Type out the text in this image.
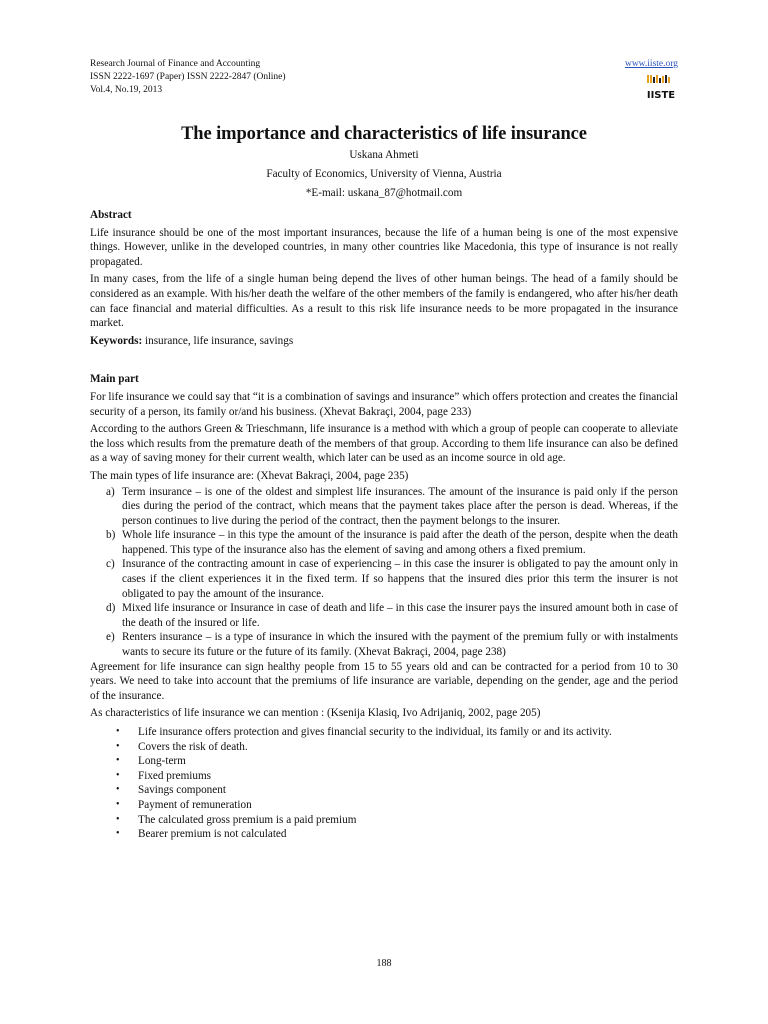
Research Journal of Finance and Accounting
ISSN 2222-1697 (Paper) ISSN 2222-2847 (Online)
Vol.4, No.19, 2013
www.iiste.org
IISTE
The importance and characteristics of life insurance
Uskana Ahmeti
Faculty of Economics, University of Vienna, Austria
*E-mail: uskana_87@hotmail.com
Abstract

Life insurance should be one of the most important insurances, because the life of a human being is one of the most expensive things. However, unlike in the developed countries, in many other countries like Macedonia, this type of insurance is not really propagated.

In many cases, from the life of a single human being depend the lives of other human beings. The head of a family should be considered as an example. With his/her death the welfare of the other members of the family is endangered, who after his/her death can face financial and material difficulties. As a result to this risk life insurance needs to be more propagated in the insurance market.

Keywords: insurance, life insurance, savings

Main part

For life insurance we could say that “it is a combination of savings and insurance” which offers protection and creates the financial security of a person, its family or/and his business. (Xhevat Bakraçi, 2004, page 233)

According to the authors Green & Trieschmann, life insurance is a method with which a group of people can cooperate to alleviate the loss which results from the premature death of the members of that group. According to them life insurance can also be defined as a way of saving money for their current wealth, which later can be used as an income source in old age.

The main types of life insurance are: (Xhevat Bakraçi, 2004, page 235)
a) Term insurance – is one of the oldest and simplest life insurances. The amount of the insurance is paid only if the person dies during the period of the contract, which means that the payment takes place after the person is dead. Whereas, if the person continues to live during the period of the contract, then the payment belongs to the insurer.
b) Whole life insurance – in this type the amount of the insurance is paid after the death of the person, despite when the death happened. This type of the insurance also has the element of saving and among others a fixed premium.
c) Insurance of the contracting amount in case of experiencing – in this case the insurer is obligated to pay the amount only in cases if the client experiences it in the fixed term. If so happens that the insured dies prior this term the insurer is not obligated to pay the amount of the insurance.
d) Mixed life insurance or Insurance in case of death and life – in this case the insurer pays the insured amount both in case of the death of the insured or life.
e) Renters insurance – is a type of insurance in which the insured with the payment of the premium fully or with instalments wants to secure its future or the future of its family. (Xhevat Bakraçi, 2004, page 238)

Agreement for life insurance can sign healthy people from 15 to 55 years old and can be contracted for a period from 10 to 30 years. We need to take into account that the premiums of life insurance are variable, depending on the gender, age and the period of the insurance.

As characteristics of life insurance we can mention : (Ksenija Klasiq, Ivo Adrijaniq, 2002, page 205)
• Life insurance offers protection and gives financial security to the individual, its family or and its activity.
• Covers the risk of death.
• Long-term
• Fixed premiums
• Savings component
• Payment of remuneration
• The calculated gross premium is a paid premium
• Bearer premium is not calculated
188
